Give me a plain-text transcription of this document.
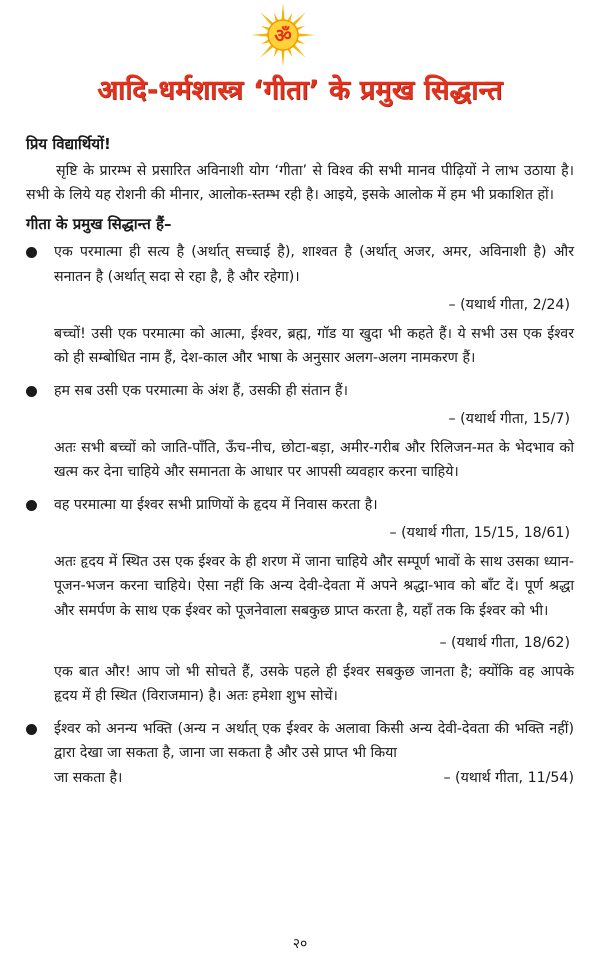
ॐ
आदि-धर्मशास्त्र ‘गीता’ के प्रमुख सिद्धान्त

प्रिय विद्यार्थियों!

सृष्टि के प्रारम्भ से प्रसारित अविनाशी योग ‘गीता’ से विश्व की सभी मानव पीढ़ियों ने लाभ उठाया है। सभी के लिये यह रोशनी की मीनार, आलोक-स्तम्भ रही है। आइये, इसके आलोक में हम भी प्रकाशित हों।

गीता के प्रमुख सिद्धान्त हैं–

एक परमात्मा ही सत्य है (अर्थात् सच्चाई है), शाश्वत है (अर्थात् अजर, अमर, अविनाशी है) और सनातन है (अर्थात् सदा से रहा है, है और रहेगा)।
– (यथार्थ गीता, 2/24)
बच्चों! उसी एक परमात्मा को आत्मा, ईश्वर, ब्रह्म, गॉड या खुदा भी कहते हैं। ये सभी उस एक ईश्वर को ही सम्बोधित नाम हैं, देश-काल और भाषा के अनुसार अलग-अलग नामकरण हैं।
हम सब उसी एक परमात्मा के अंश हैं, उसकी ही संतान हैं।
– (यथार्थ गीता, 15/7)
अतः सभी बच्चों को जाति-पाँति, ऊँच-नीच, छोटा-बड़ा, अमीर-गरीब और रिलिजन-मत के भेदभाव को खत्म कर देना चाहिये और समानता के आधार पर आपसी व्यवहार करना चाहिये।
वह परमात्मा या ईश्वर सभी प्राणियों के हृदय में निवास करता है।
– (यथार्थ गीता, 15/15, 18/61)
अतः हृदय में स्थित उस एक ईश्वर के ही शरण में जाना चाहिये और सम्पूर्ण भावों के साथ उसका ध्यान-पूजन-भजन करना चाहिये। ऐसा नहीं कि अन्य देवी-देवता में अपने श्रद्धा-भाव को बाँट दें। पूर्ण श्रद्धा और समर्पण के साथ एक ईश्वर को पूजनेवाला सबकुछ प्राप्त करता है, यहाँ तक कि ईश्वर को भी।
– (यथार्थ गीता, 18/62)
एक बात और! आप जो भी सोचते हैं, उसके पहले ही ईश्वर सबकुछ जानता है; क्योंकि वह आपके हृदय में ही स्थित (विराजमान) है। अतः हमेशा शुभ सोचें।
ईश्वर को अनन्य भक्ति (अन्य न अर्थात् एक ईश्वर के अलावा किसी अन्य देवी-देवता की भक्ति नहीं) द्वारा देखा जा सकता है, जाना जा सकता है और उसे प्राप्त भी किया
जा सकता है।	– (यथार्थ गीता, 11/54)
२०
